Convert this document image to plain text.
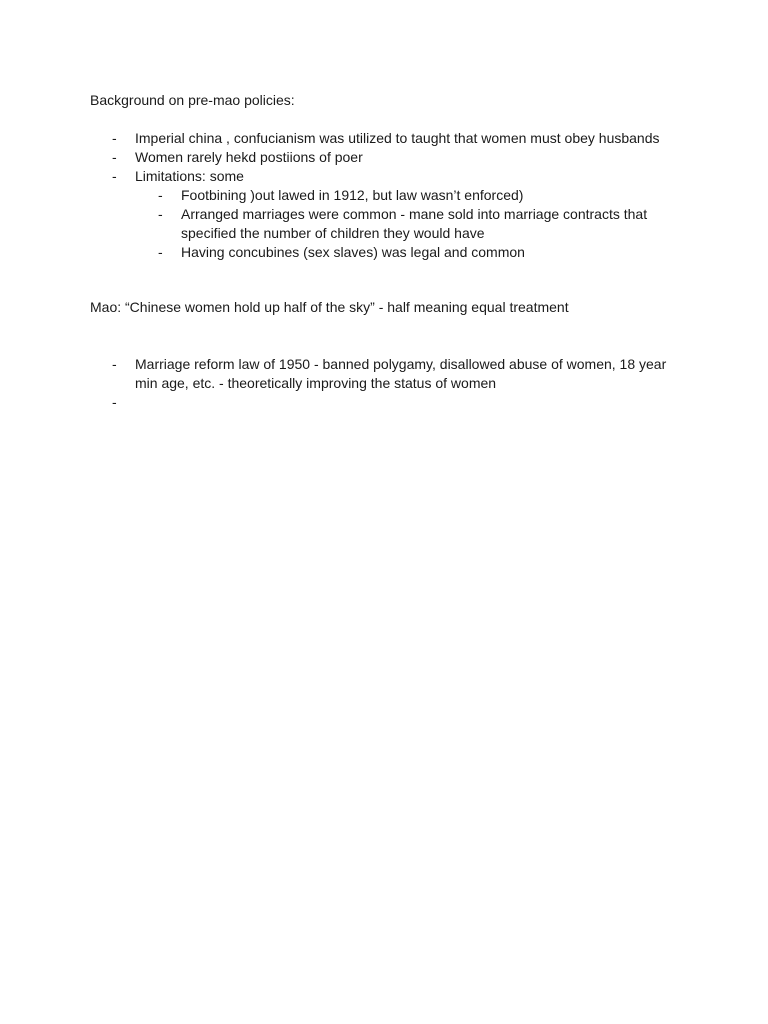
Background on pre-mao policies:
- Imperial china , confucianism was utilized to taught that women must obey husbands
- Women rarely hekd postiions of poer
- Limitations: some
- Footbining )out lawed in 1912, but law wasn’t enforced)
- Arranged marriages were common - mane sold into marriage contracts that specified the number of children they would have
- Having concubines (sex slaves) was legal and common
Mao: “Chinese women hold up half of the sky” - half meaning equal treatment
- Marriage reform law of 1950 - banned polygamy, disallowed abuse of women, 18 year min age, etc. - theoretically improving the status of women
-
